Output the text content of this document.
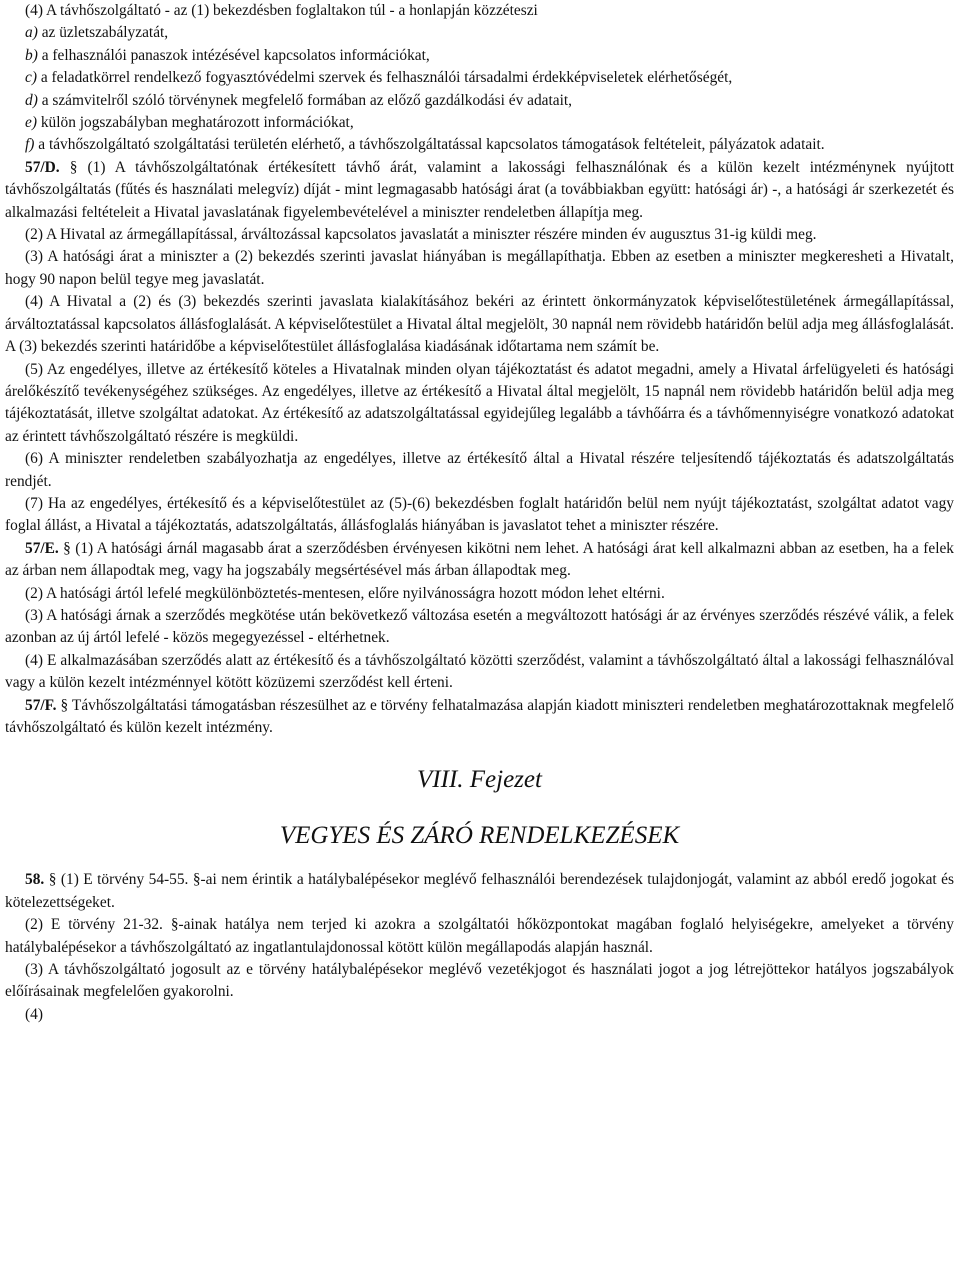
(4) A távhőszolgáltató - az (1) bekezdésben foglaltakon túl - a honlapján közzéteszi

a) az üzletszabályzatát,

b) a felhasználói panaszok intézésével kapcsolatos információkat,

c) a feladatkörrel rendelkező fogyasztóvédelmi szervek és felhasználói társadalmi érdekképviseletek elérhetőségét,

d) a számvitelről szóló törvénynek megfelelő formában az előző gazdálkodási év adatait,

e) külön jogszabályban meghatározott információkat,

f) a távhőszolgáltató szolgáltatási területén elérhető, a távhőszolgáltatással kapcsolatos támogatások feltételeit, pályázatok adatait.

57/D. § (1) A távhőszolgáltatónak értékesített távhő árát, valamint a lakossági felhasználónak és a külön kezelt intézménynek nyújtott távhőszolgáltatás (fűtés és használati melegvíz) díját - mint legmagasabb hatósági árat (a továbbiakban együtt: hatósági ár) -, a hatósági ár szerkezetét és alkalmazási feltételeit a Hivatal javaslatának figyelembevételével a miniszter rendeletben állapítja meg.

(2) A Hivatal az ármegállapítással, árváltozással kapcsolatos javaslatát a miniszter részére minden év augusztus 31-ig küldi meg.

(3) A hatósági árat a miniszter a (2) bekezdés szerinti javaslat hiányában is megállapíthatja. Ebben az esetben a miniszter megkeresheti a Hivatalt, hogy 90 napon belül tegye meg javaslatát.

(4) A Hivatal a (2) és (3) bekezdés szerinti javaslata kialakításához bekéri az érintett önkormányzatok képviselőtestületének ármegállapítással, árváltoztatással kapcsolatos állásfoglalását. A képviselőtestület a Hivatal által megjelölt, 30 napnál nem rövidebb határidőn belül adja meg állásfoglalását. A (3) bekezdés szerinti határidőbe a képviselőtestület állásfoglalása kiadásának időtartama nem számít be.

(5) Az engedélyes, illetve az értékesítő köteles a Hivatalnak minden olyan tájékoztatást és adatot megadni, amely a Hivatal árfelügyeleti és hatósági árelőkészítő tevékenységéhez szükséges. Az engedélyes, illetve az értékesítő a Hivatal által megjelölt, 15 napnál nem rövidebb határidőn belül adja meg tájékoztatását, illetve szolgáltat adatokat. Az értékesítő az adatszolgáltatással egyidejűleg legalább a távhőárra és a távhőmennyiségre vonatkozó adatokat az érintett távhőszolgáltató részére is megküldi.

(6) A miniszter rendeletben szabályozhatja az engedélyes, illetve az értékesítő által a Hivatal részére teljesítendő tájékoztatás és adatszolgáltatás rendjét.

(7) Ha az engedélyes, értékesítő és a képviselőtestület az (5)-(6) bekezdésben foglalt határidőn belül nem nyújt tájékoztatást, szolgáltat adatot vagy foglal állást, a Hivatal a tájékoztatás, adatszolgáltatás, állásfoglalás hiányában is javaslatot tehet a miniszter részére.

57/E. § (1) A hatósági árnál magasabb árat a szerződésben érvényesen kikötni nem lehet. A hatósági árat kell alkalmazni abban az esetben, ha a felek az árban nem állapodtak meg, vagy ha jogszabály megsértésével más árban állapodtak meg.

(2) A hatósági ártól lefelé megkülönböztetés-mentesen, előre nyilvánosságra hozott módon lehet eltérni.

(3) A hatósági árnak a szerződés megkötése után bekövetkező változása esetén a megváltozott hatósági ár az érvényes szerződés részévé válik, a felek azonban az új ártól lefelé - közös megegyezéssel - eltérhetnek.

(4) E alkalmazásában szerződés alatt az értékesítő és a távhőszolgáltató közötti szerződést, valamint a távhőszolgáltató által a lakossági felhasználóval vagy a külön kezelt intézménnyel kötött közüzemi szerződést kell érteni.

57/F. § Távhőszolgáltatási támogatásban részesülhet az e törvény felhatalmazása alapján kiadott miniszteri rendeletben meghatározottaknak megfelelő távhőszolgáltató és külön kezelt intézmény.

VIII. Fejezet

VEGYES ÉS ZÁRÓ RENDELKEZÉSEK

58. § (1) E törvény 54-55. §-ai nem érintik a hatálybalépésekor meglévő felhasználói berendezések tulajdonjogát, valamint az abból eredő jogokat és kötelezettségeket.

(2) E törvény 21-32. §-ainak hatálya nem terjed ki azokra a szolgáltatói hőközpontokat magában foglaló helyiségekre, amelyeket a törvény hatálybalépésekor a távhőszolgáltató az ingatlantulajdonossal kötött külön megállapodás alapján használ.

(3) A távhőszolgáltató jogosult az e törvény hatálybalépésekor meglévő vezetékjogot és használati jogot a jog létrejöttekor hatályos jogszabályok előírásainak megfelelően gyakorolni.

(4)
